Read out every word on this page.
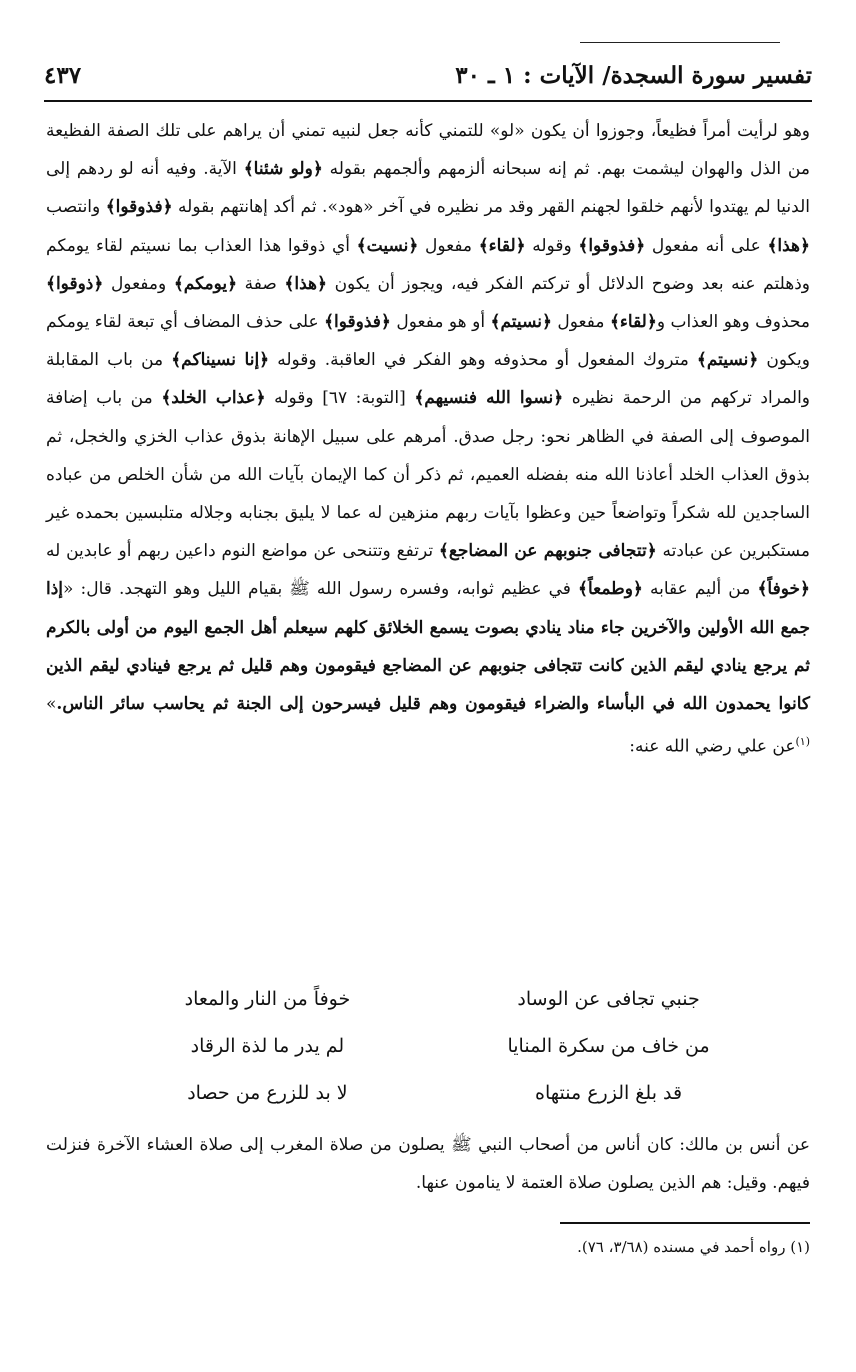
تفسير سورة السجدة/ الآيات : ١ ـ ٣٠
٤٣٧
وهو لرأيت أمراً فظيعاً، وجوزوا أن يكون «لو» للتمني كأنه جعل لنبيه تمني أن يراهم على تلك الصفة الفظيعة من الذل والهوان ليشمت بهم. ثم إنه سبحانه ألزمهم وألجمهم بقوله ﴿ولو شئنا﴾ الآية. وفيه أنه لو ردهم إلى الدنيا لم يهتدوا لأنهم خلقوا لجهنم القهر وقد مر نظيره في آخر «هود». ثم أكد إهانتهم بقوله ﴿فذوقوا﴾ وانتصب ﴿هذا﴾ على أنه مفعول ﴿فذوقوا﴾ وقوله ﴿لقاء﴾ مفعول ﴿نسيت﴾ أي ذوقوا هذا العذاب بما نسيتم لقاء يومكم وذهلتم عنه بعد وضوح الدلائل أو تركتم الفكر فيه، ويجوز أن يكون ﴿هذا﴾ صفة ﴿يومكم﴾ ومفعول ﴿ذوقوا﴾ محذوف وهو العذاب و﴿لقاء﴾ مفعول ﴿نسيتم﴾ أو هو مفعول ﴿فذوقوا﴾ على حذف المضاف أي تبعة لقاء يومكم ويكون ﴿نسيتم﴾ متروك المفعول أو محذوفه وهو الفكر في العاقبة. وقوله ﴿إنا نسيناكم﴾ من باب المقابلة والمراد تركهم من الرحمة نظيره ﴿نسوا الله فنسيهم﴾ [التوبة: ٦٧] وقوله ﴿عذاب الخلد﴾ من باب إضافة الموصوف إلى الصفة في الظاهر نحو: رجل صدق. أمرهم على سبيل الإهانة بذوق عذاب الخزي والخجل، ثم بذوق العذاب الخلد أعاذنا الله منه بفضله العميم، ثم ذكر أن كما الإيمان بآيات الله من شأن الخلص من عباده الساجدين لله شكراً وتواضعاً حين وعظوا بآيات ربهم منزهين له عما لا يليق بجنابه وجلاله متلبسين بحمده غير مستكبرين عن عبادته ﴿تتجافى جنوبهم عن المضاجع﴾ ترتفع وتتنحى عن مواضع النوم داعين ربهم أو عابدين له ﴿خوفاً﴾ من أليم عقابه ﴿وطمعاً﴾ في عظيم ثوابه، وفسره رسول الله ﷺ بقيام الليل وهو التهجد. قال: «إذا جمع الله الأولين والآخرين جاء مناد ينادي بصوت يسمع الخلائق كلهم سيعلم أهل الجمع اليوم من أولى بالكرم ثم يرجع ينادي ليقم الذين كانت تتجافى جنوبهم عن المضاجع فيقومون وهم قليل ثم يرجع فينادي ليقم الذين كانوا يحمدون الله في البأساء والضراء فيقومون وهم قليل فيسرحون إلى الجنة ثم يحاسب سائر الناس.» $^{(١)}$عن علي رضي الله عنه:
جنبي تجافى عن الوساد
خوفاً من النار والمعاد
من خاف من سكرة المنايا
لم يدر ما لذة الرقاد
قد بلغ الزرع منتهاه
لا بد للزرع من حصاد
عن أنس بن مالك: كان أناس من أصحاب النبي ﷺ يصلون من صلاة المغرب إلى صلاة العشاء الآخرة فنزلت فيهم. وقيل: هم الذين يصلون صلاة العتمة لا ينامون عنها.
(١) رواه أحمد في مسنده (٣/٦٨، ٧٦).
